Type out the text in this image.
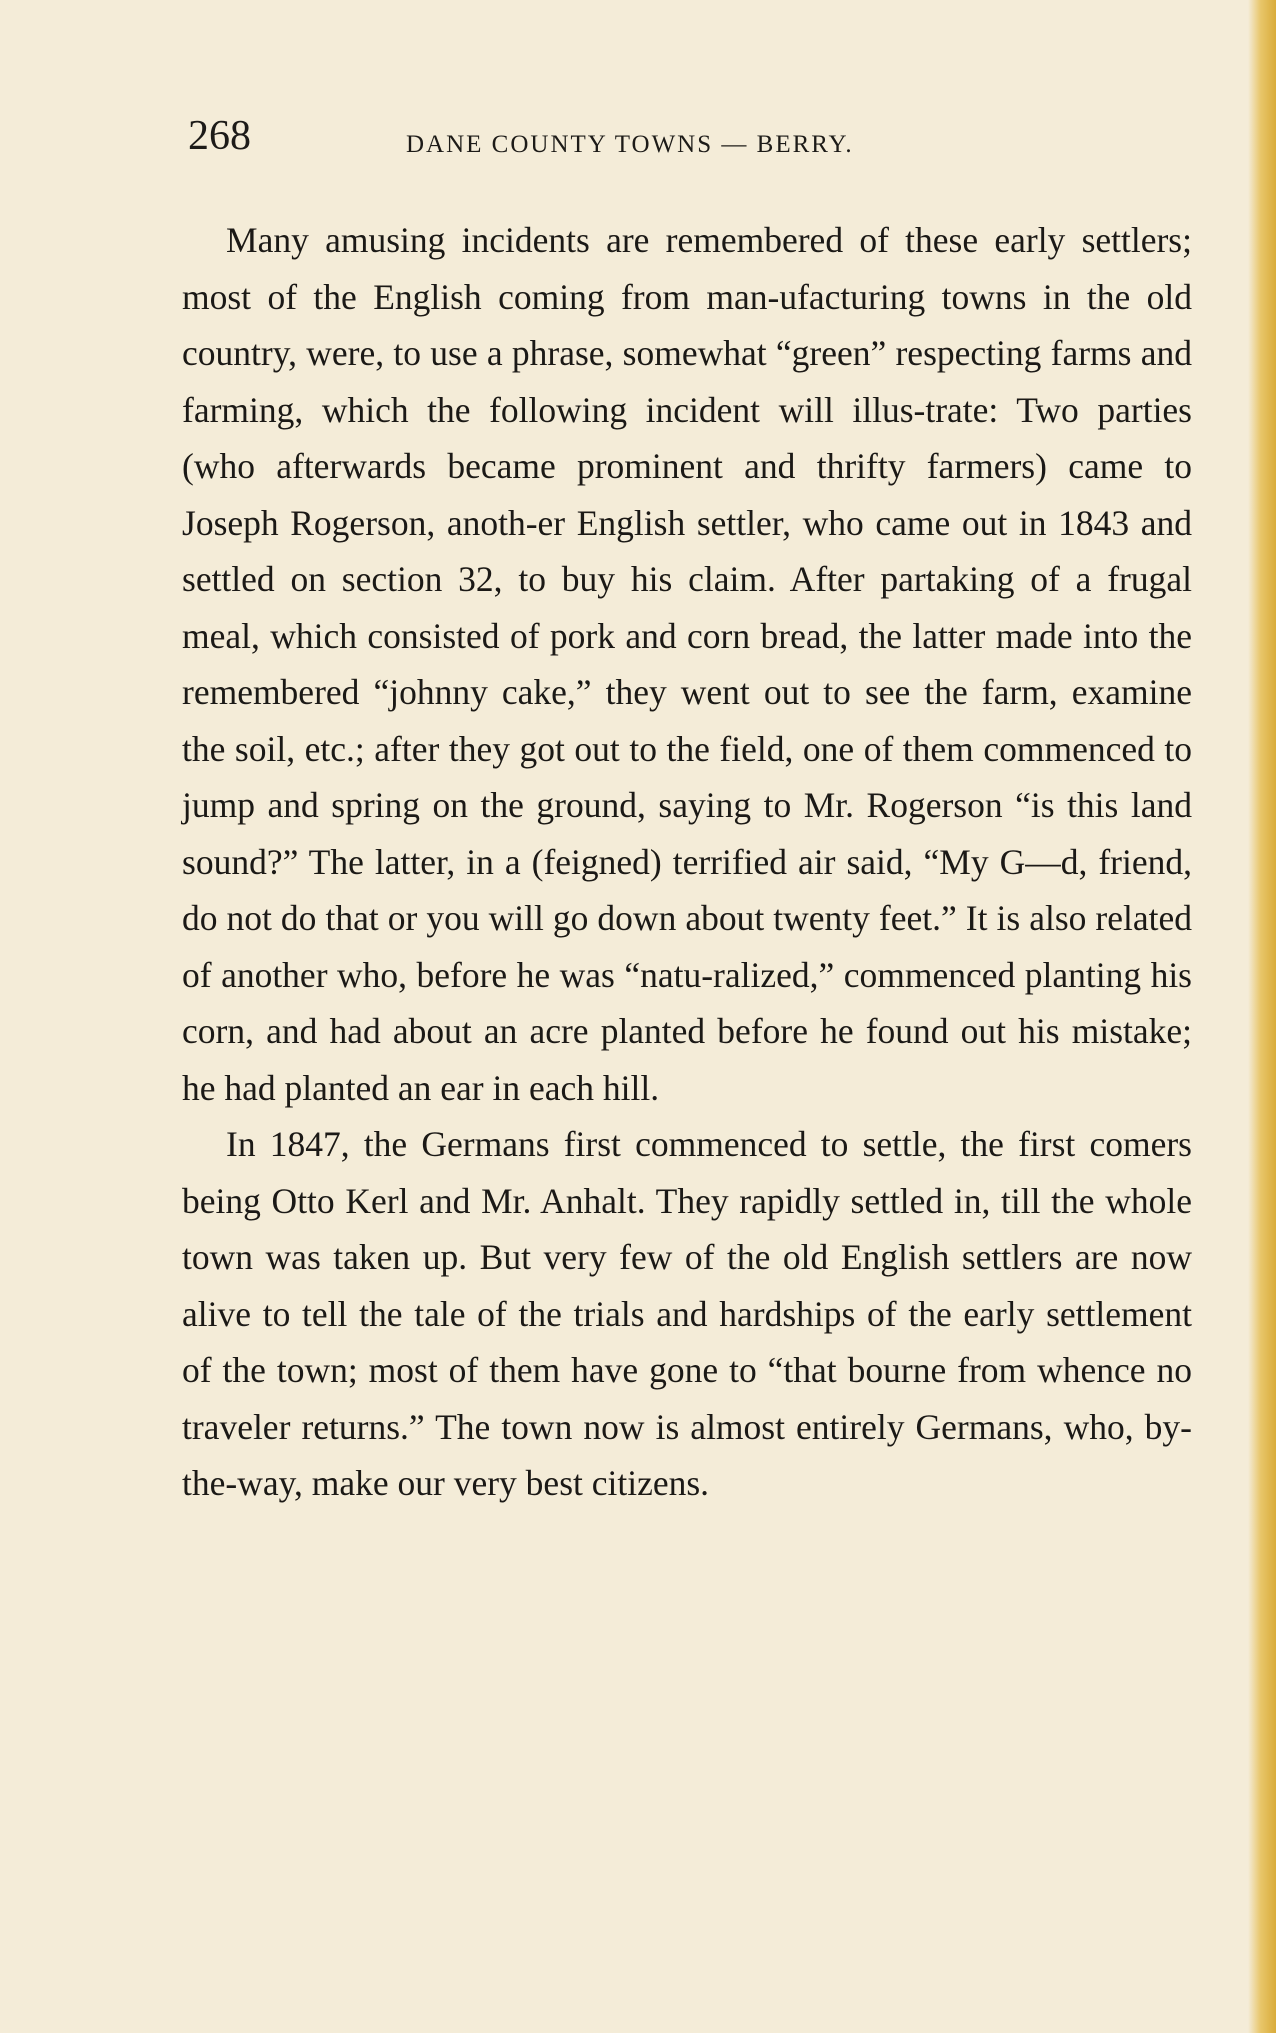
268	DANE COUNTY TOWNS — BERRY.

Many amusing incidents are remembered of these early settlers; most of the English coming from man-ufacturing towns in the old country, were, to use a phrase, somewhat “green” respecting farms and farming, which the following incident will illus-trate: Two parties (who afterwards became prominent and thrifty farmers) came to Joseph Rogerson, anoth-er English settler, who came out in 1843 and settled on section 32, to buy his claim. After partaking of a frugal meal, which consisted of pork and corn bread, the latter made into the remembered “johnny cake,” they went out to see the farm, examine the soil, etc.; after they got out to the field, one of them commenced to jump and spring on the ground, saying to Mr. Rogerson “is this land sound?” The latter, in a (feigned) terrified air said, “My G—d, friend, do not do that or you will go down about twenty feet.” It is also related of another who, before he was “natu-ralized,” commenced planting his corn, and had about an acre planted before he found out his mistake; he had planted an ear in each hill.

In 1847, the Germans first commenced to settle, the first comers being Otto Kerl and Mr. Anhalt. They rapidly settled in, till the whole town was taken up. But very few of the old English settlers are now alive to tell the tale of the trials and hardships of the early settlement of the town; most of them have gone to “that bourne from whence no traveler returns.” The town now is almost entirely Germans, who, by-the-way, make our very best citizens.
